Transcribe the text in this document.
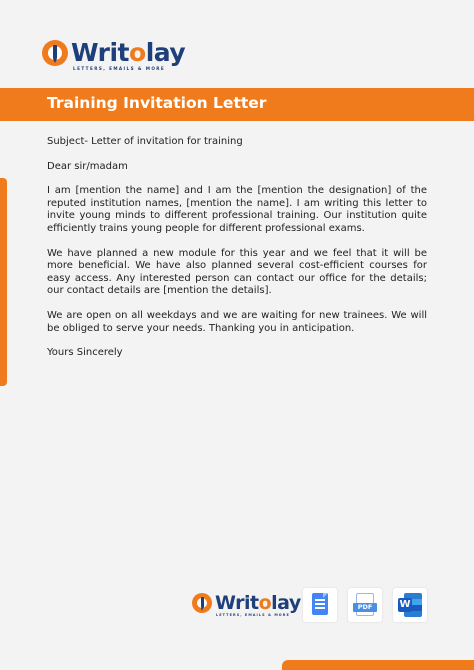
Writolay
LETTERS, EMAILS & MORE
Training Invitation Letter
Subject- Letter of invitation for training
Dear sir/madam

I am [mention the name] and I am the [mention the designation] of the reputed institution names, [mention the name]. I am writing this letter to invite young minds to different professional training. Our institution quite efficiently trains young people for different professional exams.

We have planned a new module for this year and we feel that it will be more beneficial. We have also planned several cost-efficient courses for easy access. Any interested person can contact our office for the details; our contact details are [mention the details].

We are open on all weekdays and we are waiting for new trainees. We will be obliged to serve your needs. Thanking you in anticipation.

Yours Sincerely
Writolay
LETTERS, EMAILS & MORE
PDF	W
